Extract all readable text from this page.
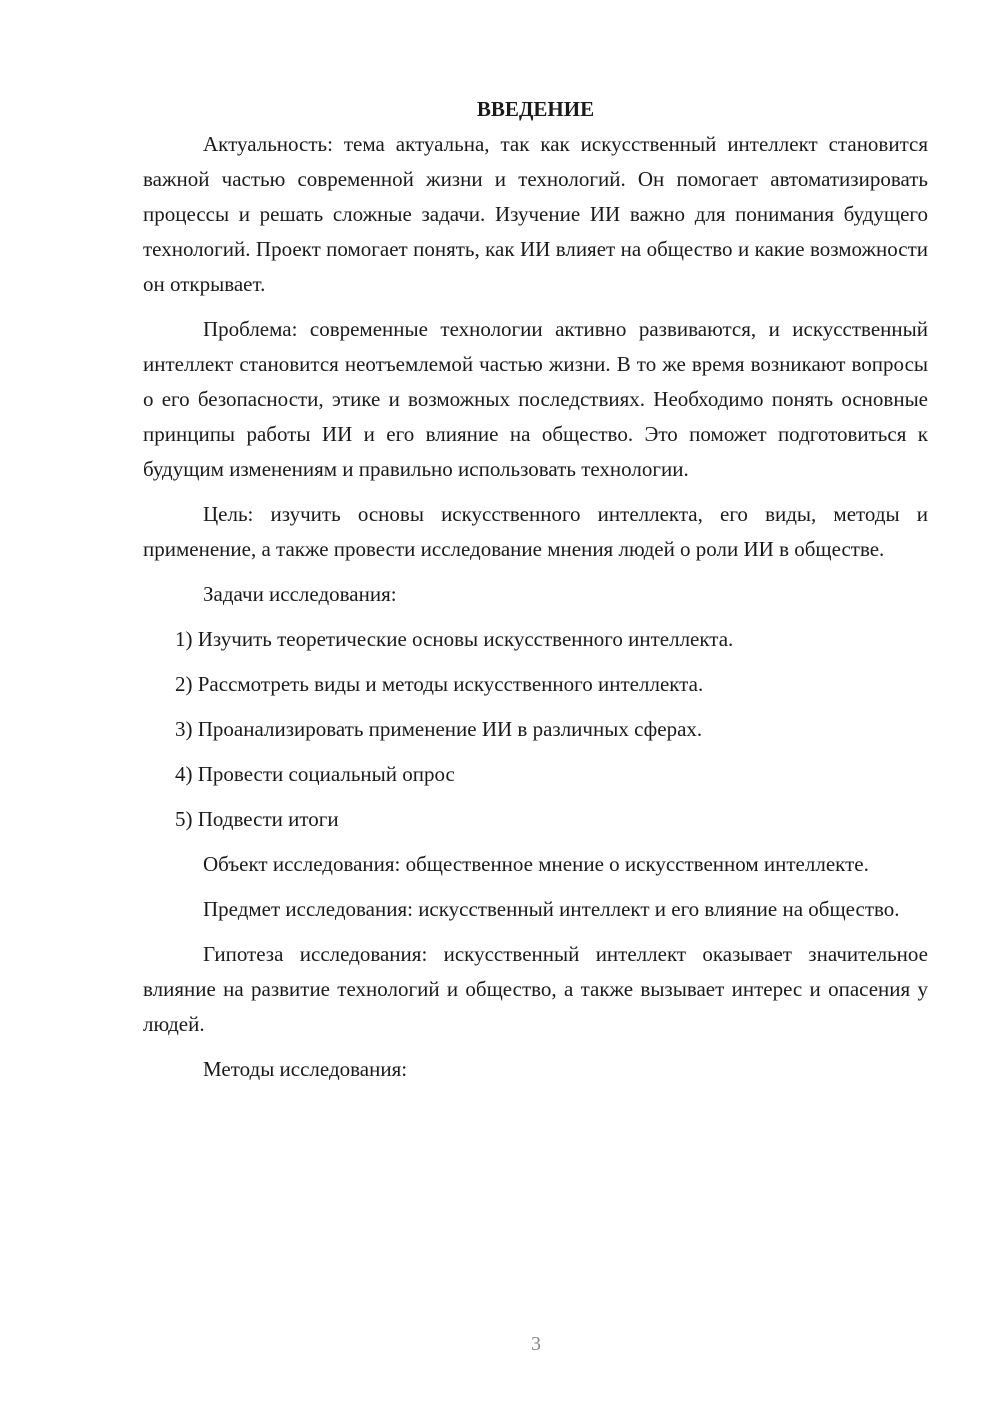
ВВЕДЕНИЕ

Актуальность: тема актуальна, так как искусственный интеллект становится важной частью современной жизни и технологий. Он помогает автоматизировать процессы и решать сложные задачи. Изучение ИИ важно для понимания будущего технологий. Проект помогает понять, как ИИ влияет на общество и какие возможности он открывает.

Проблема: современные технологии активно развиваются, и искусственный интеллект становится неотъемлемой частью жизни. В то же время возникают вопросы о его безопасности, этике и возможных последствиях. Необходимо понять основные принципы работы ИИ и его влияние на общество. Это поможет подготовиться к будущим изменениям и правильно использовать технологии.

Цель: изучить основы искусственного интеллекта, его виды, методы и применение, а также провести исследование мнения людей о роли ИИ в обществе.

Задачи исследования:

1) Изучить теоретические основы искусственного интеллекта.
2) Рассмотреть виды и методы искусственного интеллекта.
3) Проанализировать применение ИИ в различных сферах.
4) Провести социальный опрос
5) Подвести итоги

Объект исследования: общественное мнение о искусственном интеллекте.

Предмет исследования: искусственный интеллект и его влияние на общество.

Гипотеза исследования: искусственный интеллект оказывает значительное влияние на развитие технологий и общество, а также вызывает интерес и опасения у людей.

Методы исследования:

3
